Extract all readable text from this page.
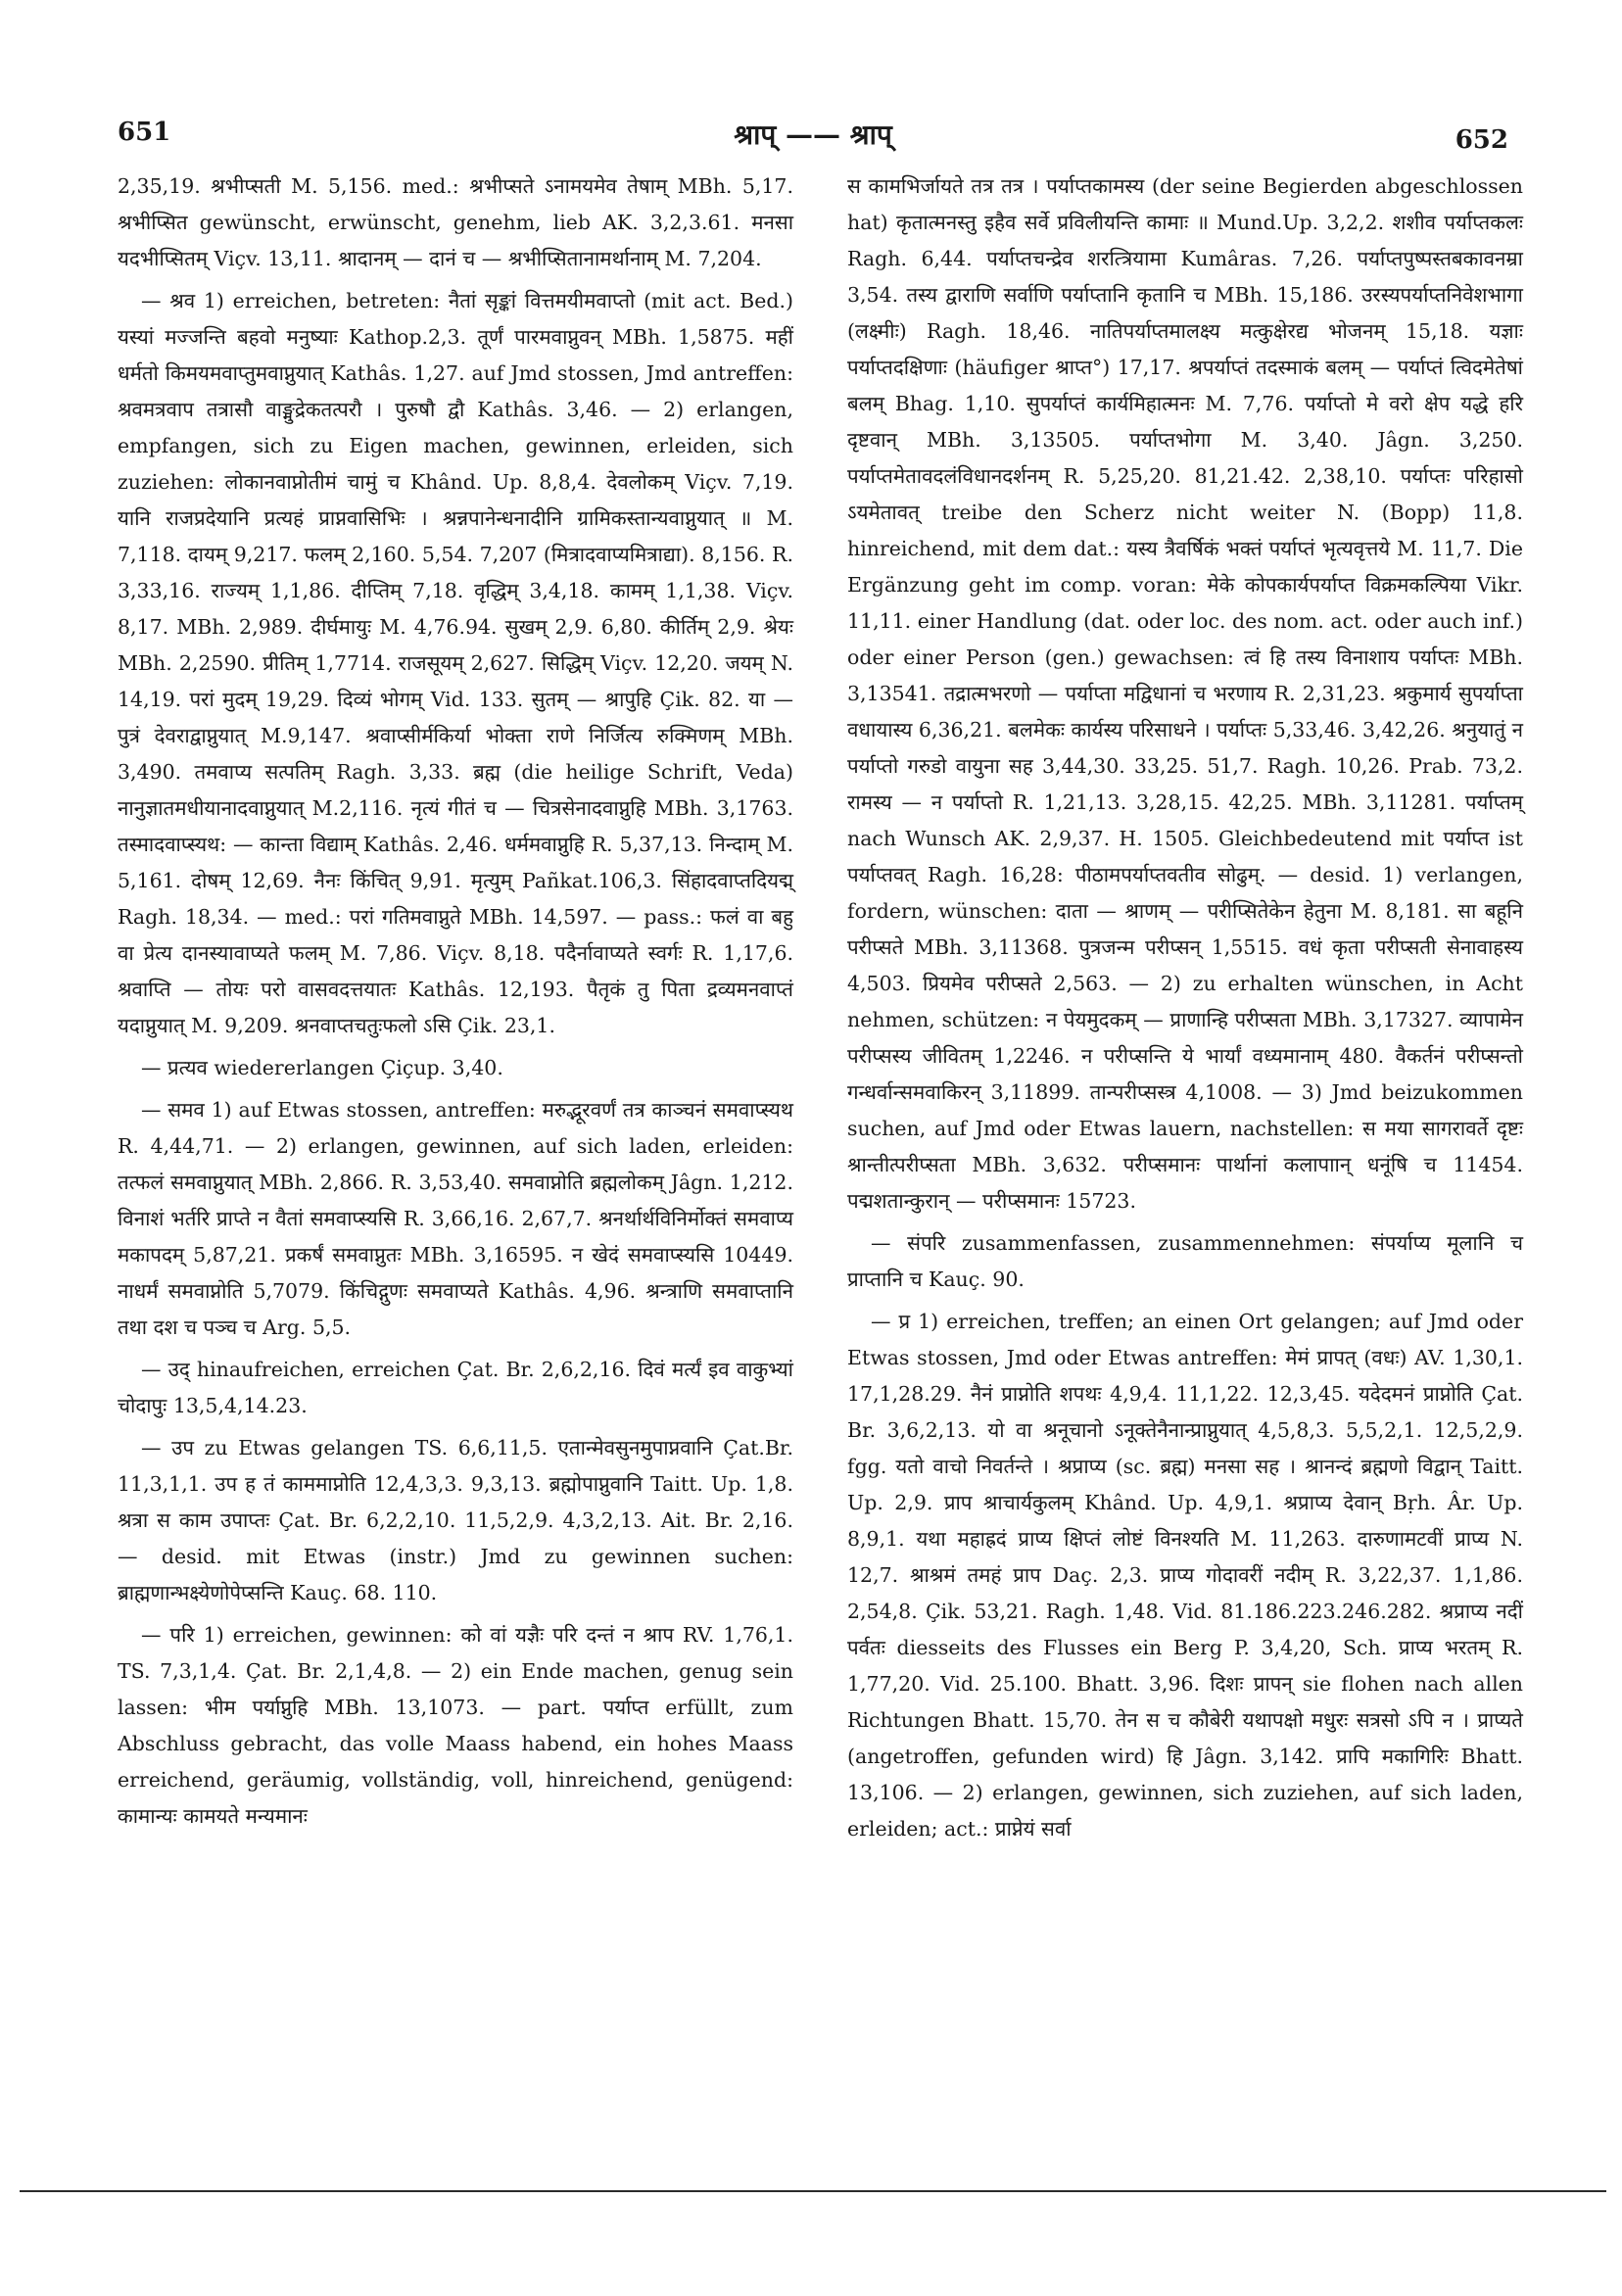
651	श्राप् —— श्राप्	652

2,35,19. श्रभीप्सती M. 5,156. med.: श्रभीप्सते ऽनामयमेव तेषाम् MBh. 5,17. श्रभीप्सित gewünscht, erwünscht, genehm, lieb AK. 3,2,3.61. मनसा यदभीप्सितम् Viçv. 13,11. श्रादानम् — दानं च — श्रभीप्सितानामर्थानाम् M. 7,204.

— श्रव 1) erreichen, betreten: नैतां सृङ्कां वित्तमयीमवाप्तो (mit act. Bed.) यस्यां मज्जन्ति बहवो मनुष्याः Kathop.2,3. तूर्णं पारमवाप्नुवन् MBh. 1,5875. महीं धर्मतो किमयमवाप्तुमवाप्नुयात् Kathâs. 1,27. auf Jmd stossen, Jmd antreffen: श्रवमत्रवाप तत्रासौ वाङ्मुद्रेकतत्परौ । पुरुषौ द्वौ Kathâs. 3,46. — 2) erlangen, empfangen, sich zu Eigen machen, gewinnen, erleiden, sich zuziehen: लोकानवाप्नोतीमं चामुं च Khând. Up. 8,8,4. देवलोकम् Viçv. 7,19. यानि राजप्रदेयानि प्रत्यहं प्राप्नवासिभिः । श्रन्नपानेन्धनादीनि ग्रामिकस्तान्यवाप्नुयात् ॥ M. 7,118. दायम् 9,217. फलम् 2,160. 5,54. 7,207 (मित्रादवाप्यमित्राद्या). 8,156. R. 3,33,16. राज्यम् 1,1,86. दीप्तिम् 7,18. वृद्धिम् 3,4,18. कामम् 1,1,38. Viçv. 8,17. MBh. 2,989. दीर्घमायुः M. 4,76.94. सुखम् 2,9. 6,80. कीर्तिम् 2,9. श्रेयः MBh. 2,2590. प्रीतिम् 1,7714. राजसूयम् 2,627. सिद्धिम् Viçv. 12,20. जयम् N. 14,19. परां मुदम् 19,29. दिव्यं भोगम् Vid. 133. सुतम् — श्रापुहि Çik. 82. या — पुत्रं देवराद्वाप्नुयात् M.9,147. श्रवाप्सीर्मकिर्या भोक्ता राणे निर्जित्य रुक्मिणम् MBh. 3,490. तमवाप्य सत्पतिम् Ragh. 3,33. ब्रह्म (die heilige Schrift, Veda) नानुज्ञातमधीयानादवाप्नुयात् M.2,116. नृत्यं गीतं च — चित्रसेनादवाप्नुहि MBh. 3,1763. तस्मादवाप्स्यथ: — कान्ता विद्याम् Kathâs. 2,46. धर्ममवाप्नुहि R. 5,37,13. निन्दाम् M. 5,161. दोषम् 12,69. नैनः किंचित् 9,91. मृत्युम् Pañkat.106,3. सिंहादवाप्तदियद्म् Ragh. 18,34. — med.: परां गतिमवाप्नुते MBh. 14,597. — pass.: फलं वा बहु वा प्रेत्य दानस्यावाप्यते फलम् M. 7,86. Viçv. 8,18. पदैर्नावाप्यते स्वर्गः R. 1,17,6. श्रवाप्ति — तोयः परो वासवदत्तयातः Kathâs. 12,193. पैतृकं तु पिता द्रव्यमनवाप्तं यदाप्नुयात् M. 9,209. श्रनवाप्तचतुःफलो ऽसि Çik. 23,1.

— प्रत्यव wiedererlangen Çiçup. 3,40.

— समव 1) auf Etwas stossen, antreffen: मरुद्भूरवर्णं तत्र काञ्चनं समवाप्स्यथ R. 4,44,71. — 2) erlangen, gewinnen, auf sich laden, erleiden: तत्फलं समवाप्नुयात् MBh. 2,866. R. 3,53,40. समवाप्नोति ब्रह्मलोकम् Jâgn. 1,212. विनाशं भर्तरि प्राप्ते न वैतां समवाप्स्यसि R. 3,66,16. 2,67,7. श्रनर्थार्थविनिर्मोक्तं समवाप्य मकापदम् 5,87,21. प्रकर्षं समवाप्नुतः MBh. 3,16595. न खेदं समवाप्स्यसि 10449. नाधर्मं समवाप्नोति 5,7079. किंचिद्गुणः समवाप्यते Kathâs. 4,96. श्रन्त्राणि समवाप्तानि तथा दश च पञ्च च Arg. 5,5.

— उद् hinaufreichen, erreichen Çat. Br. 2,6,2,16. दिवं मर्त्यं इव वाकुभ्यां चोदापुः 13,5,4,14.23.

— उप zu Etwas gelangen TS. 6,6,11,5. एतान्मेवसुनमुपाप्नवानि Çat.Br. 11,3,1,1. उप ह तं काममाप्नोति 12,4,3,3. 9,3,13. ब्रह्मोपाप्नुवानि Taitt. Up. 1,8. श्रत्रा स काम उपाप्तः Çat. Br. 6,2,2,10. 11,5,2,9. 4,3,2,13. Ait. Br. 2,16. — desid. mit Etwas (instr.) Jmd zu gewinnen suchen: ब्राह्मणान्भक्ष्येणोपेप्सन्ति Kauç. 68. 110.

— परि 1) erreichen, gewinnen: को वां यज्ञैः परि दन्तं न श्राप RV. 1,76,1. TS. 7,3,1,4. Çat. Br. 2,1,4,8. — 2) ein Ende machen, genug sein lassen: भीम पर्याप्नुहि MBh. 13,1073. — part. पर्याप्त erfüllt, zum Abschluss gebracht, das volle Maass habend, ein hohes Maass erreichend, geräumig, vollständig, voll, hinreichend, genügend: कामान्यः कामयते मन्यमानः

स कामभिर्जायते तत्र तत्र । पर्याप्तकामस्य (der seine Begierden abgeschlossen hat) कृतात्मनस्तु इहैव सर्वे प्रविलीयन्ति कामाः ॥ Mund.Up. 3,2,2. शशीव पर्याप्तकलः Ragh. 6,44. पर्याप्तचन्द्रेव शरत्त्रियामा Kumâras. 7,26. पर्याप्तपुष्पस्तबकावनम्रा 3,54. तस्य द्वाराणि सर्वाणि पर्याप्तानि कृतानि च MBh. 15,186. उरस्यपर्याप्तनिवेशभागा (लक्ष्मीः) Ragh. 18,46. नातिपर्याप्तमालक्ष्य मत्कुक्षेरद्य भोजनम् 15,18. यज्ञाः पर्याप्तदक्षिणाः (häufiger श्राप्त°) 17,17. श्रपर्याप्तं तदस्माकं बलम् — पर्याप्तं त्विदमेतेषां बलम् Bhag. 1,10. सुपर्याप्तं कार्यमिहात्मनः M. 7,76. पर्याप्तो मे वरो क्षेप यद्धे हरि दृष्टवान् MBh. 3,13505. पर्याप्तभोगा M. 3,40. Jâgn. 3,250. पर्याप्तमेतावदलंविधानदर्शनम् R. 5,25,20. 81,21.42. 2,38,10. पर्याप्तः परिहासो ऽयमेतावत् treibe den Scherz nicht weiter N. (Bopp) 11,8. hinreichend, mit dem dat.: यस्य त्रैवर्षिकं भक्तं पर्याप्तं भृत्यवृत्तये M. 11,7. Die Ergänzung geht im comp. voran: मेके कोपकार्यपर्याप्त विक्रमकल्पिया Vikr. 11,11. einer Handlung (dat. oder loc. des nom. act. oder auch inf.) oder einer Person (gen.) gewachsen: त्वं हि तस्य विनाशाय पर्याप्तः MBh. 3,13541. तद्रात्मभरणो — पर्याप्ता मद्विधानां च भरणाय R. 2,31,23. श्रकुमार्य सुपर्याप्ता वधायास्य 6,36,21. बलमेकः कार्यस्य परिसाधने । पर्याप्तः 5,33,46. 3,42,26. श्रनुयातुं न पर्याप्तो गरुडो वायुना सह 3,44,30. 33,25. 51,7. Ragh. 10,26. Prab. 73,2. रामस्य — न पर्याप्तो R. 1,21,13. 3,28,15. 42,25. MBh. 3,11281. पर्याप्तम् nach Wunsch AK. 2,9,37. H. 1505. Gleichbedeutend mit पर्याप्त ist पर्याप्तवत् Ragh. 16,28: पीठामपर्याप्तवतीव सोढुम्. — desid. 1) verlangen, fordern, wünschen: दाता — श्राणम् — परीप्सितेकेन हेतुना M. 8,181. सा बहूनि परीप्सते MBh. 3,11368. पुत्रजन्म परीप्सन् 1,5515. वधं कृता परीप्सती सेनावाहस्य 4,503. प्रियमेव परीप्सते 2,563. — 2) zu erhalten wünschen, in Acht nehmen, schützen: न पेयमुदकम् — प्राणान्हि परीप्सता MBh. 3,17327. व्यापामेन परीप्सस्य जीवितम् 1,2246. न परीप्सन्ति ये भार्यां वध्यमानाम् 480. वैकर्तनं परीप्सन्तो गन्धर्वान्समवाकिरन् 3,11899. तान्परीप्सस्त्र 4,1008. — 3) Jmd beizukommen suchen, auf Jmd oder Etwas lauern, nachstellen: स मया सागरावर्ते दृष्टः श्रान्तीत्परीप्सता MBh. 3,632. परीप्समानः पार्थानां कलापाान् धनूंषि च 11454. पद्मशतान्कुरान् — परीप्समानः 15723.

— संपरि zusammenfassen, zusammennehmen: संपर्याप्य मूलानि च प्राप्तानि च Kauç. 90.

— प्र 1) erreichen, treffen; an einen Ort gelangen; auf Jmd oder Etwas stossen, Jmd oder Etwas antreffen: मेमं प्रापत् (वधः) AV. 1,30,1. 17,1,28.29. नैनं प्राप्नोति शपथः 4,9,4. 11,1,22. 12,3,45. यदेदमनं प्राप्नोति Çat. Br. 3,6,2,13. यो वा श्रनूचानो ऽनूक्तेनैनान्प्राप्नुयात् 4,5,8,3. 5,5,2,1. 12,5,2,9. fgg. यतो वाचो निवर्तन्ते । श्रप्राप्य (sc. ब्रह्म) मनसा सह । श्रानन्दं ब्रह्मणो विद्वान् Taitt. Up. 2,9. प्राप श्राचार्यकुलम् Khând. Up. 4,9,1. श्रप्राप्य देवान् Bṛh. Âr. Up. 8,9,1. यथा महाह्रदं प्राप्य क्षिप्तं लोष्टं विनश्यति M. 11,263. दारुणामटवीं प्राप्य N. 12,7. श्राश्रमं तमहं प्राप Daç. 2,3. प्राप्य गोदावरीं नदीम् R. 3,22,37. 1,1,86. 2,54,8. Çik. 53,21. Ragh. 1,48. Vid. 81.186.223.246.282. श्रप्राप्य नदीं पर्वतः diesseits des Flusses ein Berg P. 3,4,20, Sch. प्राप्य भरतम् R. 1,77,20. Vid. 25.100. Bhatt. 3,96. दिशः प्रापन् sie flohen nach allen Richtungen Bhatt. 15,70. तेन स च कौबेरी यथापक्षो मधुरः सत्रसो ऽपि न । प्राप्यते (angetroffen, gefunden wird) हि Jâgn. 3,142. प्रापि मकागिरिः Bhatt. 13,106. — 2) erlangen, gewinnen, sich zuziehen, auf sich laden, erleiden; act.: प्राप्नेयं सर्वा
